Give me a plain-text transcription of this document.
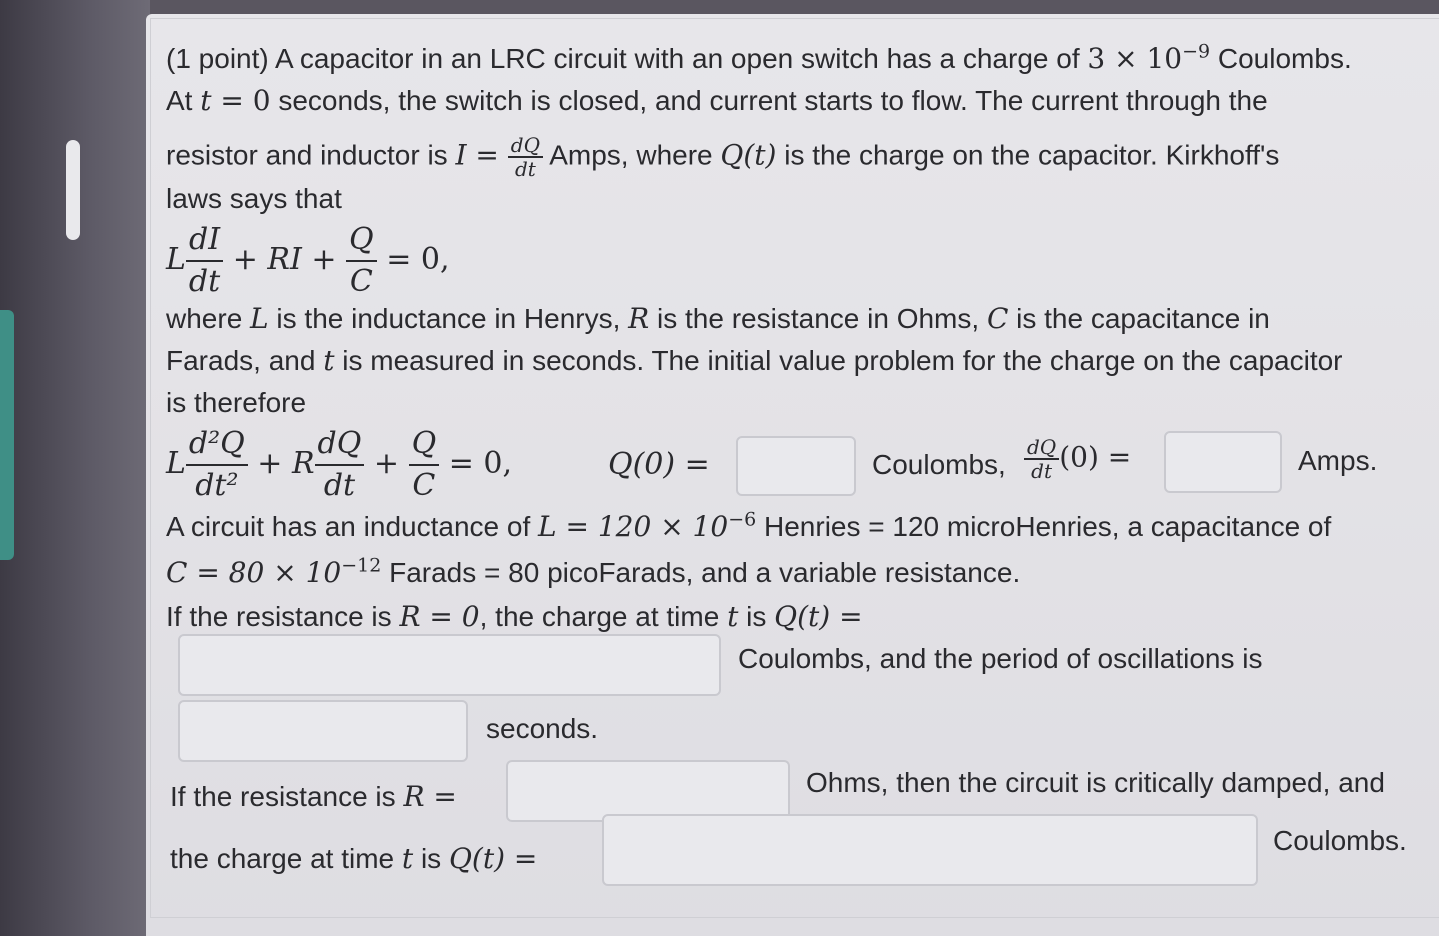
(1 point) A capacitor in an LRC circuit with an open switch has a charge of $3 \times 10^{-9}$ Coulombs.
At t = 0 seconds, the switch is closed, and current starts to flow. The current through the
resistor and inductor is $I = \frac{dQ}{dt}$ Amps, where Q(t) is the charge on the capacitor. Kirkhoff's
laws says that
L $\frac{dI}{dt}$ + RI + $\frac{Q}{C} = 0$,
where L is the inductance in Henrys, R is the resistance in Ohms, C is the capacitance in
Farads, and t is measured in seconds. The initial value problem for the charge on the capacitor
is therefore
L $\frac{\text{d²Q}}{\text{dt²}} + R \frac{dQ}{dt} + \frac{Q}{C} = 0$,	Q(0) =	Coulombs, $\frac{dQ}{dt} (0)$ =	Amps.
A circuit has an inductance of $L = 120 \times 10^{-6}$ Henries = 120 microHenries, a capacitance of
$C = 80 \times 10^{-12}$ Farads = 80 picoFarads, and a variable resistance.
If the resistance is R = 0, the charge at time t is Q(t) =
Coulombs, and the period of oscillations is
seconds.
If the resistance is R =	Ohms, then the circuit is critically damped, and
the charge at time t is Q(t) =
Coulombs.
